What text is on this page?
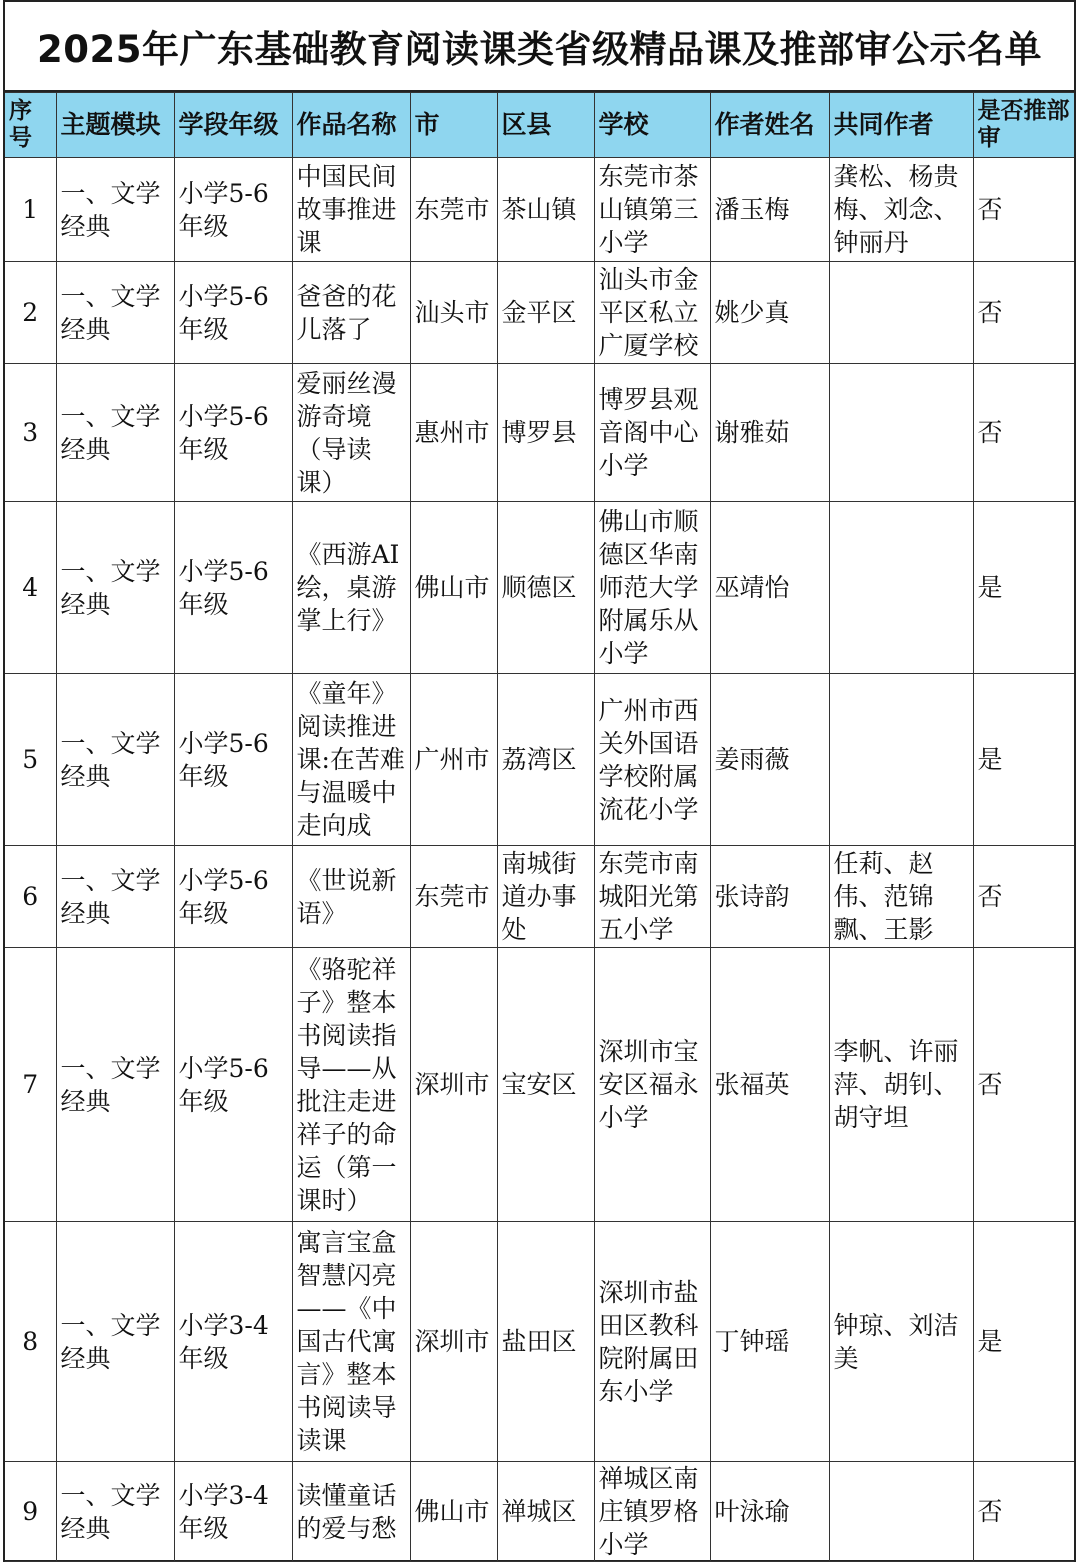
2025年广东基础教育阅读课类省级精品课及推部审公示名单
序号	主题模块	学段年级	作品名称	市	区县	学校	作者姓名	共同作者	是否推部审
1	一、文学经典	小学5-6年级	中国民间故事推进课	东莞市	茶山镇	东莞市茶山镇第三小学	潘玉梅	龚松、杨贵梅、刘念、钟丽丹	否
2	一、文学经典	小学5-6年级	爸爸的花儿落了	汕头市	金平区	汕头市金平区私立广厦学校	姚少真		否
3	一、文学经典	小学5-6年级	爱丽丝漫游奇境（导读课）	惠州市	博罗县	博罗县观音阁中心小学	谢雅茹		否
4	一、文学经典	小学5-6年级	《西游AI绘，桌游掌上行》	佛山市	顺德区	佛山市顺德区华南师范大学附属乐从小学	巫靖怡		是
5	一、文学经典	小学5-6年级	《童年》阅读推进课:在苦难与温暖中走向成	广州市	荔湾区	广州市西关外国语学校附属流花小学	姜雨薇		是
6	一、文学经典	小学5-6年级	《世说新语》	东莞市	南城街道办事处	东莞市南城阳光第五小学	张诗韵	任莉、赵伟、范锦飘、王影	否
7	一、文学经典	小学5-6年级	《骆驼祥子》整本书阅读指导——从批注走进祥子的命运（第一课时）	深圳市	宝安区	深圳市宝安区福永小学	张福英	李帆、许丽萍、胡钊、胡守坦	否
8	一、文学经典	小学3-4年级	寓言宝盒智慧闪亮——《中国古代寓言》整本书阅读导读课	深圳市	盐田区	深圳市盐田区教科院附属田东小学	丁钟瑶	钟琼、刘洁美	是
9	一、文学经典	小学3-4年级	读懂童话的爱与愁	佛山市	禅城区	禅城区南庄镇罗格小学	叶泳瑜		否
